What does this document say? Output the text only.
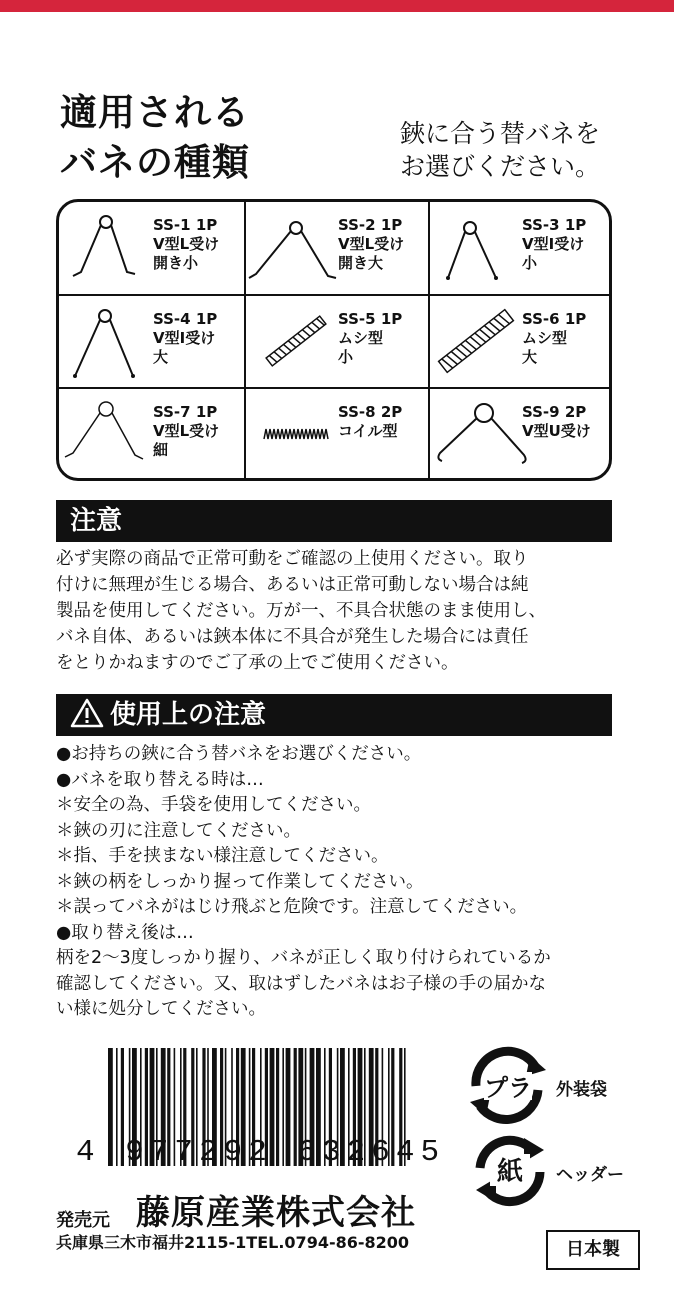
適用される
バネの種類
鋏に合う替バネを
お選びください。
SS-1 1P
V型L受け
開き小
SS-2 1P
V型L受け
開き大
SS-3 1P
V型I受け
小
SS-4 1P
V型I受け
大
SS-5 1P
ムシ型
小
SS-6 1P
ムシ型
大
SS-7 1P
V型L受け
細
SS-8 2P
コイル型
SS-9 2P
V型U受け
注意
必ず実際の商品で正常可動をご確認の上使用ください。取り
付けに無理が生じる場合、あるいは正常可動しない場合は純
製品を使用してください。万が一、不具合状態のまま使用し、
バネ自体、あるいは鋏本体に不具合が発生した場合には責任
をとりかねますのでご了承の上でご使用ください。
使用上の注意
●お持ちの鋏に合う替バネをお選びください。
●バネを取り替える時は…
＊安全の為、手袋を使用してください。
＊鋏の刃に注意してください。
＊指、手を挟まない様注意してください。
＊鋏の柄をしっかり握って作業してください。
＊誤ってバネがはじけ飛ぶと危険です。注意してください。
●取り替え後は…
柄を2～3度しっかり握り、バネが正しく取り付けられているか
確認してください。又、取はずしたバネはお子様の手の届かな
い様に処分してください。
4 977292 632645
プラ 外装袋
紙 ヘッダー
発売元 藤原産業株式会社
兵庫県三木市福井2115-1TEL.0794-86-8200	日本製
